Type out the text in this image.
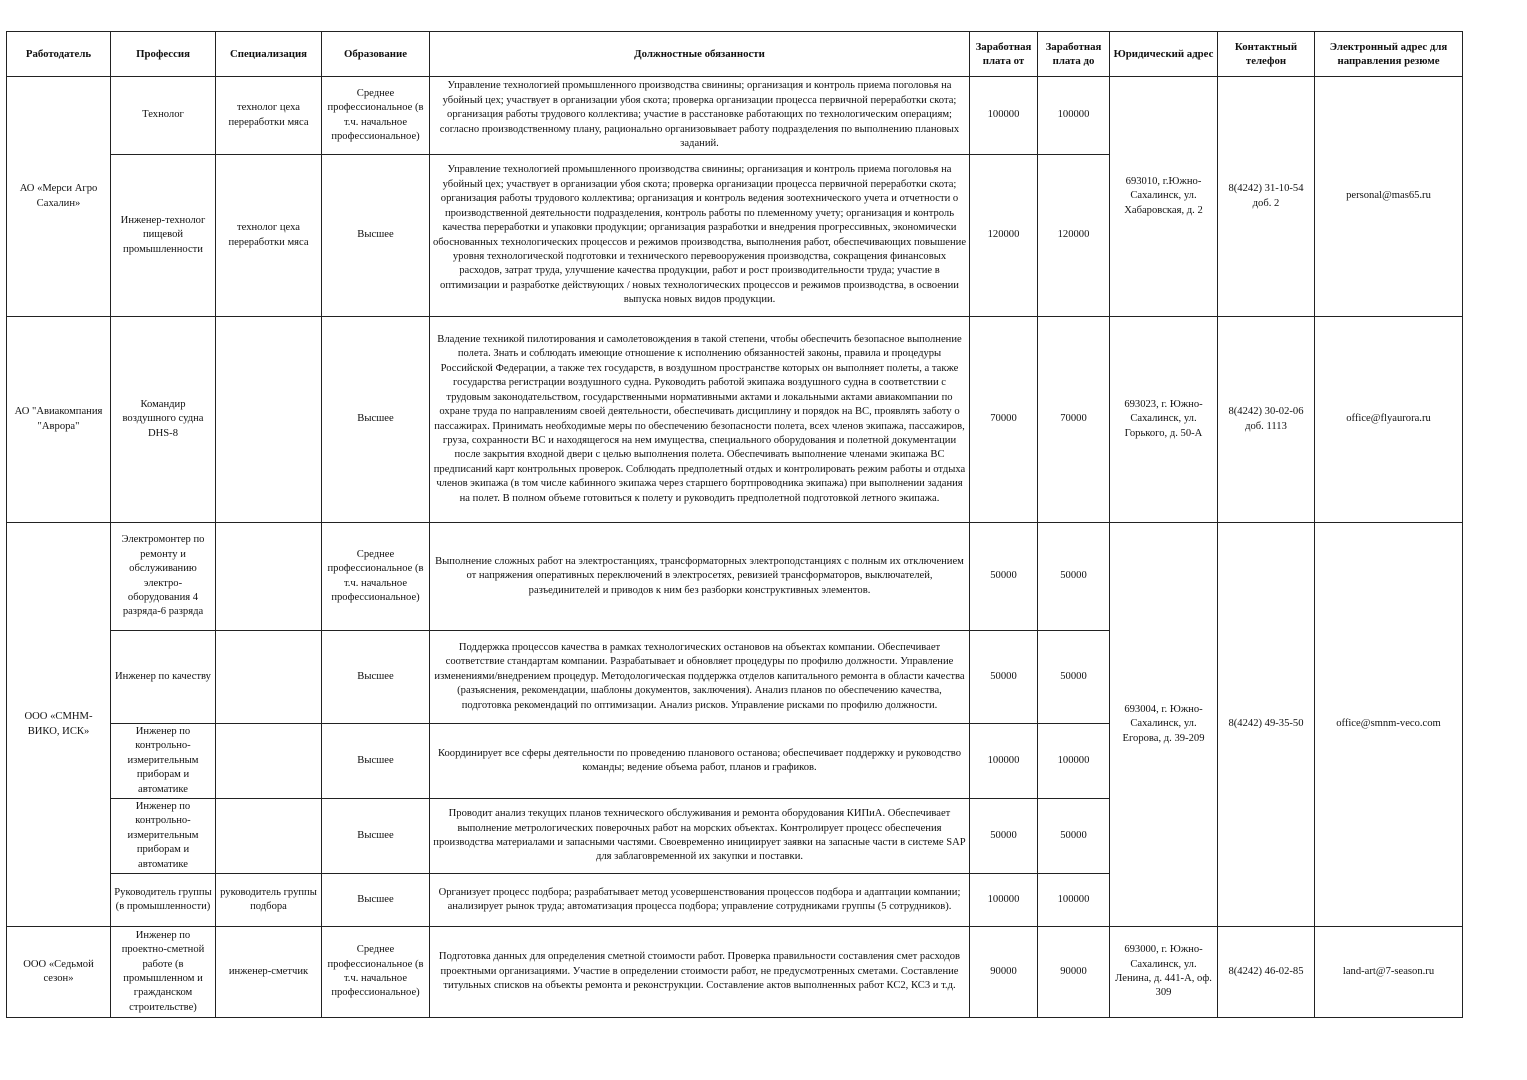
Работодатель	Профессия	Специализация	Образование	Должностные обязанности	Заработная плата от	Заработная плата до	Юридический адрес	Контактный телефон	Электронный адрес для направления резюме
АО «Мерси Агро Сахалин»	Технолог	технолог цеха переработки мяса	Среднее профессиональное (в т.ч. начальное профессиональное)	Управление технологией промышленного производства свинины; организация и контроль приема поголовья на убойный цех; участвует в организации убоя скота; проверка организации процесса первичной переработки скота; организация работы трудового коллектива; участие в расстановке работающих по технологическим операциям; согласно производственному плану, рационально организовывает работу подразделения по выполнению плановых заданий.	100000	100000	693010, г.Южно-Сахалинск, ул. Хабаровская, д. 2	8(4242) 31-10-54 доб. 2	personal@mas65.ru
	Инженер-технолог пищевой промышленности	технолог цеха переработки мяса	Высшее	Управление технологией промышленного производства свинины; организация и контроль приема поголовья на убойный цех; участвует в организации убоя скота; проверка организации процесса первичной переработки скота; организация работы трудового коллектива; организация и контроль ведения зоотехнического учета и отчетности о производственной деятельности подразделения, контроль работы по племенному учету; организация и контроль качества переработки и упаковки продукции; организация разработки и внедрения прогрессивных, экономически обоснованных технологических процессов и режимов производства, выполнения работ, обеспечивающих повышение уровня технологической подготовки и технического перевооружения производства, сокращения финансовых расходов, затрат труда, улучшение качества продукции, работ и рост производительности труда; участие в оптимизации и разработке действующих / новых технологических процессов и режимов производства, в освоении выпуска новых видов продукции.	120000	120000			
АО "Авиакомпания "Аврора"	Командир воздушного судна DHS-8		Высшее	Владение техникой пилотирования и самолетовождения в такой степени, чтобы обеспечить безопасное выполнение полета. Знать и соблюдать имеющие отношение к исполнению обязанностей законы, правила и процедуры Российской Федерации, а также тех государств, в воздушном пространстве которых он выполняет полеты, а также государства регистрации воздушного судна. Руководить работой экипажа воздушного судна в соответствии с трудовым законодательством, государственными нормативными актами и локальными актами авиакомпании по охране труда по направлениям своей деятельности, обеспечивать дисциплину и порядок на ВС, проявлять заботу о пассажирах. Принимать необходимые меры по обеспечению безопасности полета, всех членов экипажа, пассажиров, груза, сохранности ВС и находящегося на нем имущества, специального оборудования и полетной документации после закрытия входной двери с целью выполнения полета. Обеспечивать выполнение членами экипажа ВС предписаний карт контрольных проверок. Соблюдать предполетный отдых и контролировать режим работы и отдыха членов экипажа (в том числе кабинного экипажа через старшего бортпроводника экипажа) при выполнении задания на полет. В полном объеме готовиться к полету и руководить предполетной подготовкой летного экипажа.	70000	70000	693023, г. Южно-Сахалинск, ул. Горького, д. 50-А	8(4242) 30-02-06 доб. 1113	office@flyaurora.ru
ООО «СМНМ-ВИКО, ИСК»	Электромонтер по ремонту и обслуживанию электро-оборудования 4 разряда-6 разряда		Среднее профессиональное (в т.ч. начальное профессиональное)	Выполнение сложных работ на электростанциях, трансформаторных электроподстанциях с полным их отключением от напряжения оперативных переключений в электросетях, ревизией трансформаторов, выключателей, разъединителей и приводов к ним без разборки конструктивных элементов.	50000	50000	693004, г. Южно-Сахалинск, ул. Егорова, д. 39-209	8(4242) 49-35-50	office@smnm-veco.com
	Инженер по качеству		Высшее	Поддержка процессов качества в рамках технологических остановов на объектах компании. Обеспечивает соответствие стандартам компании. Разрабатывает и обновляет процедуры по профилю должности. Управление изменениями/внедрением процедур. Методологическая поддержка отделов капитального ремонта в области качества (разъяснения, рекомендации, шаблоны документов, заключения). Анализ планов по обеспечению качества, подготовка рекомендаций по оптимизации. Анализ рисков. Управление рисками по профилю должности.	50000	50000			
	Инженер по контрольно-измерительным приборам и автоматике		Высшее	Координирует все сферы деятельности по проведению планового останова; обеспечивает поддержку и руководство команды; ведение объема работ, планов и графиков.	100000	100000			
	Инженер по контрольно-измерительным приборам и автоматике		Высшее	Проводит анализ текущих планов технического обслуживания и ремонта оборудования КИПиА. Обеспечивает выполнение метрологических поверочных работ на морских объектах. Контролирует процесс обеспечения производства материалами и запасными частями. Своевременно инициирует заявки на запасные части в системе SAP для заблаговременной их закупки и поставки.	50000	50000			
	Руководитель группы (в промышленности)	руководитель группы подбора	Высшее	Организует процесс подбора; разрабатывает метод усовершенствования процессов подбора и адаптации компании; анализирует рынок труда; автоматизация процесса подбора; управление сотрудниками группы (5 сотрудников).	100000	100000			
ООО «Седьмой сезон»	Инженер по проектно-сметной работе (в промышленном и гражданском строительстве)	инженер-сметчик	Среднее профессиональное (в т.ч. начальное профессиональное)	Подготовка данных для определения сметной стоимости работ. Проверка правильности составления смет расходов проектными организациями. Участие в определении стоимости работ, не предусмотренных сметами. Составление титульных списков на объекты ремонта и реконструкции. Составление актов выполненных работ КС2, КС3 и т.д.	90000	90000	693000, г. Южно-Сахалинск, ул. Ленина, д. 441-А, оф. 309	8(4242) 46-02-85	land-art@7-season.ru
